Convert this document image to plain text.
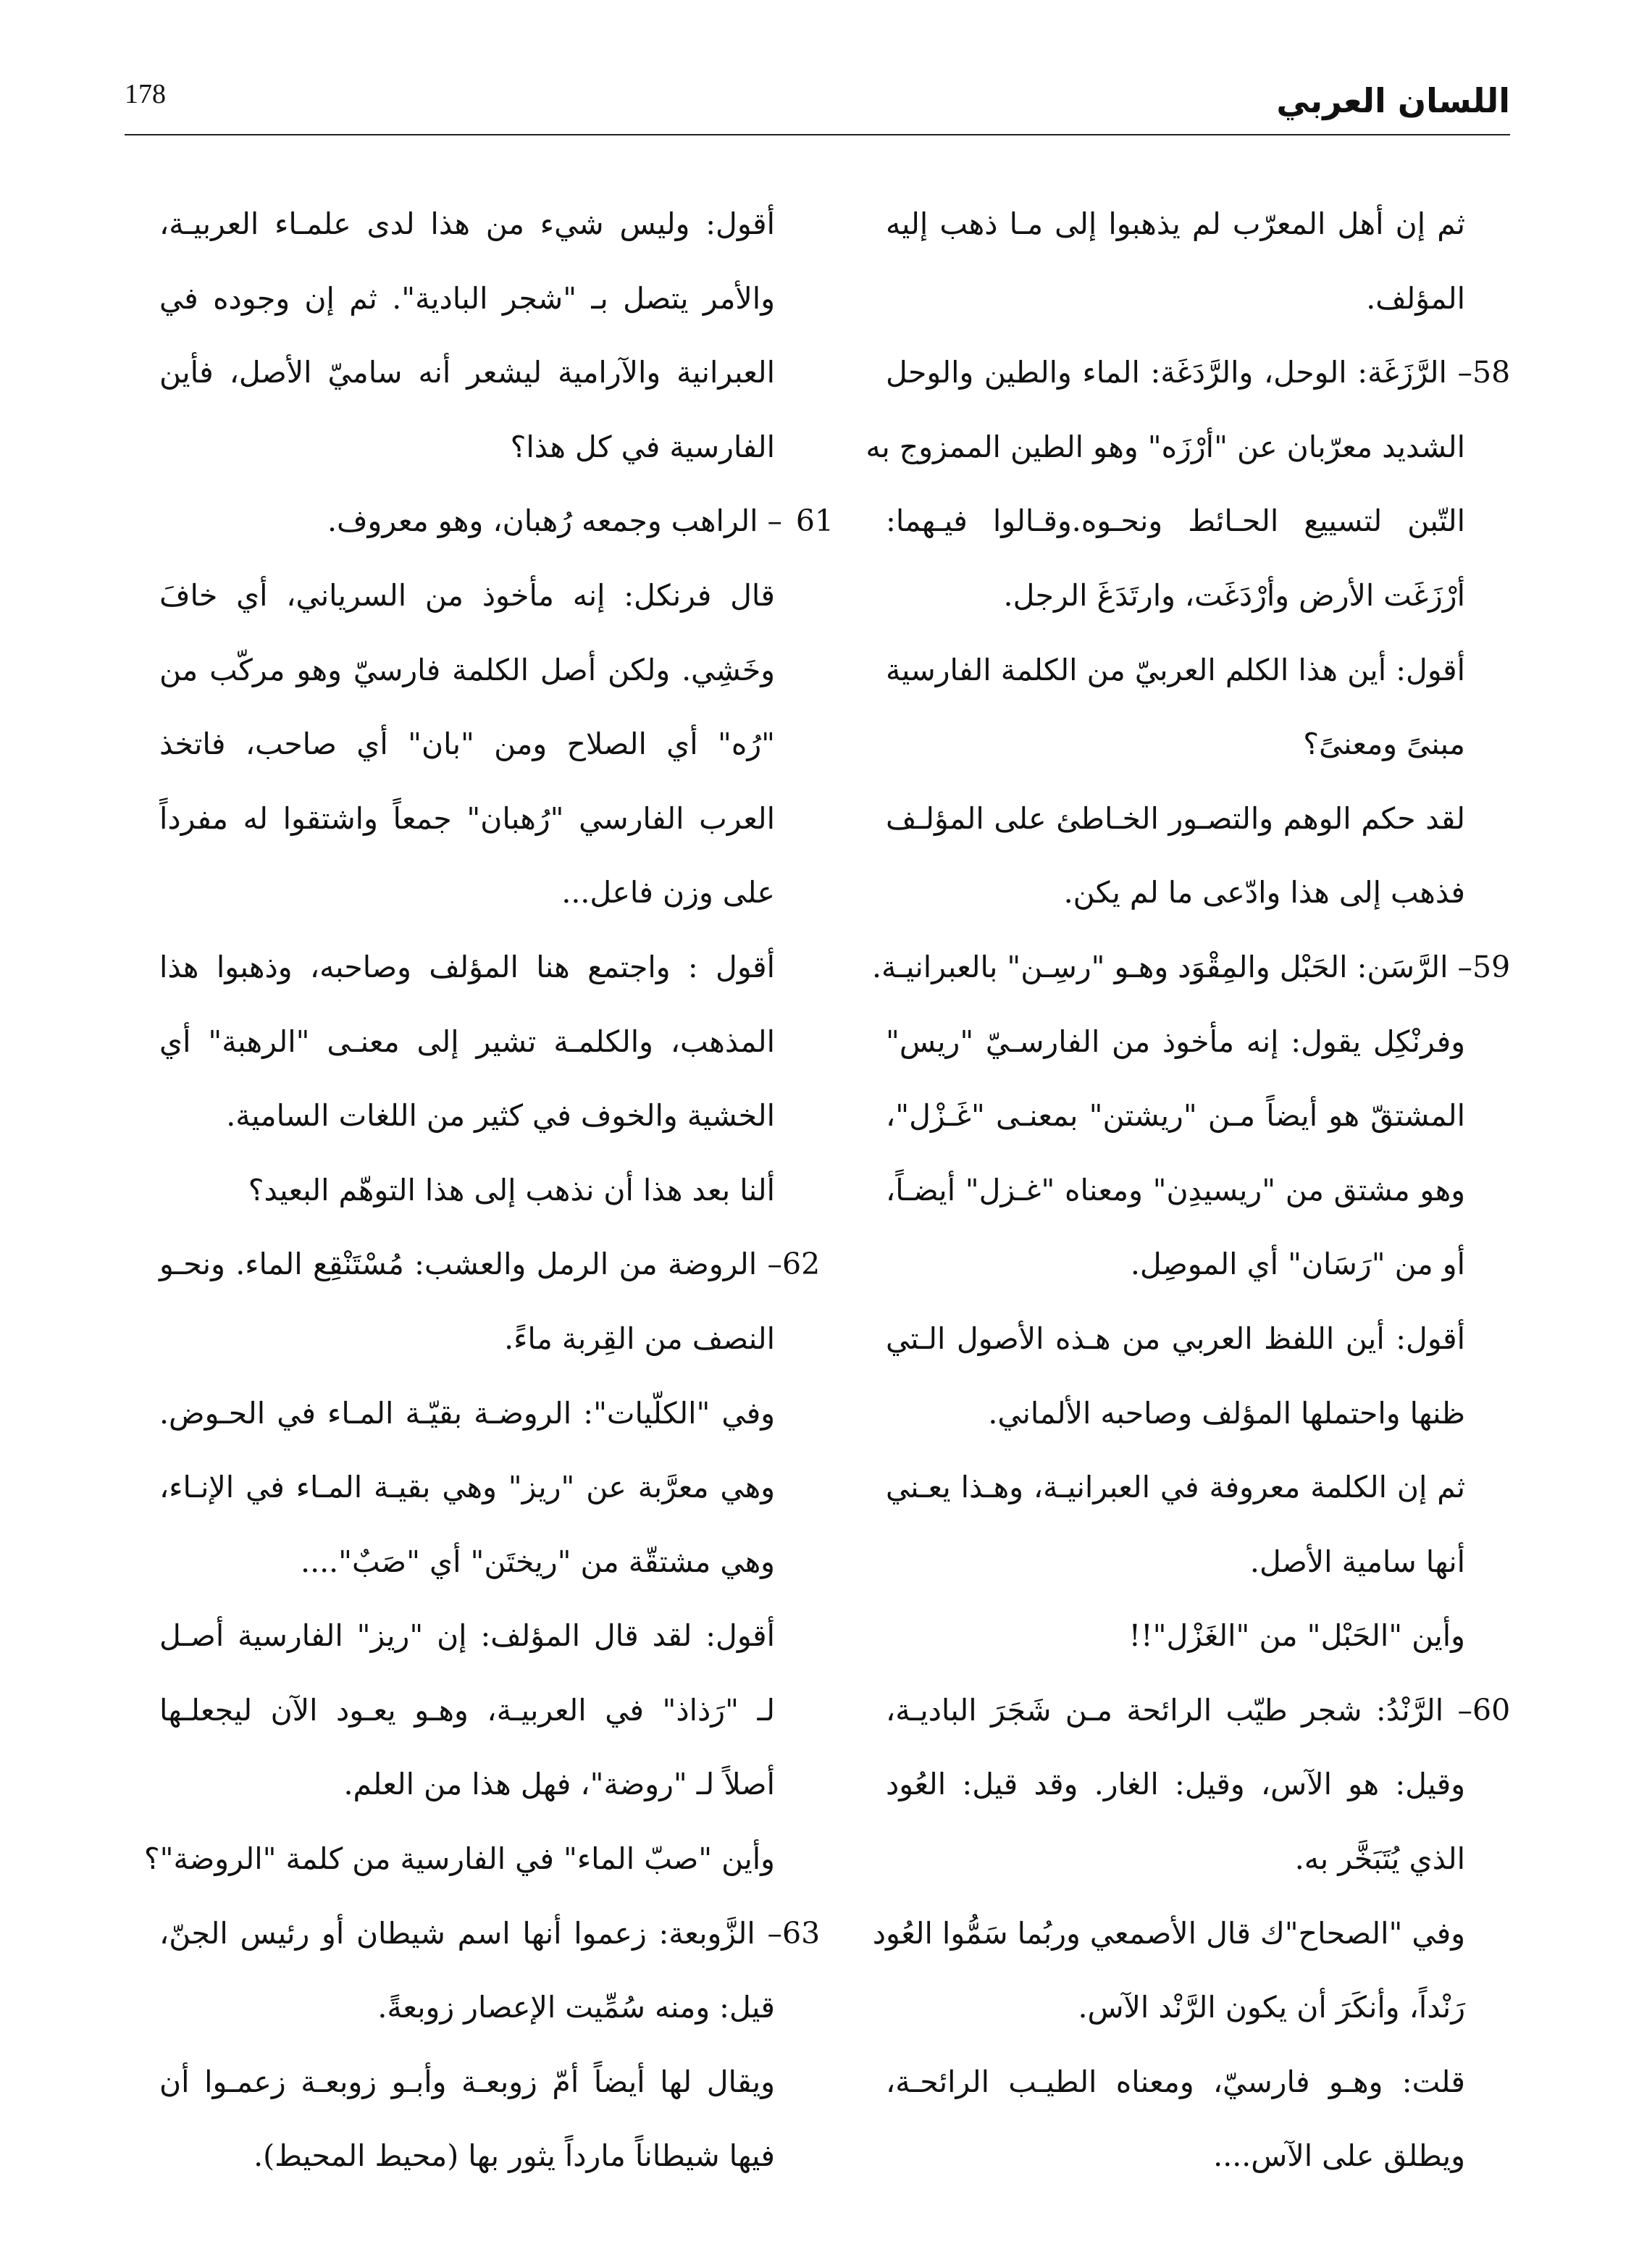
178	اللسان العربي
ثم إن أهل المعرّب لم يذهبوا إلى مـا ذهب إليه
المؤلف.
58– الرَّزَغَة: الوحل، والرَّدَغَة: الماء والطين والوحل
الشديد معرّبان عن "أرْزَه" وهو الطين الممزوج به
التّبن لتسييع الحـائط ونحـوه.وقـالوا فيـهما:
أرْزَغَت الأرض وأرْدَغَت، وارتَدَغَ الرجل.
أقول: أين هذا الكلم العربيّ من الكلمة الفارسية
مبنىً ومعنىً؟
لقد حكم الوهم والتصـور الخـاطئ على المؤلـف
فذهب إلى هذا وادّعى ما لم يكن.
59– الرَّسَن: الحَبْل والمِقْوَد وهـو "رسِـن" بالعبرانيـة.
وفرنْكِل يقول: إنه مأخوذ من الفارسـيّ "ريس"
المشتقّ هو أيضاً مـن "ريشتن" بمعنـى "غَـزْل"،
وهو مشتق من "ريسيدِن" ومعناه "غـزل" أيضـاً،
أو من "رَسَان" أي الموصِل.
أقول: أين اللفظ العربي من هـذه الأصول الـتي
ظنها واحتملها المؤلف وصاحبه الألماني.
ثم إن الكلمة معروفة في العبرانيـة، وهـذا يعـني
أنها سامية الأصل.
وأين "الحَبْل" من "الغَزْل"!!
60– الرَّنْدُ: شجر طيّب الرائحة مـن شَجَرَ الباديـة،
وقيل: هو الآس، وقيل: الغار. وقد قيل: العُود
الذي يُتَبَخَّر به.
وفي "الصحاح"ك قال الأصمعي وربُما سَمُّوا العُود
رَنْداً، وأنكَرَ أن يكون الرَّنْد الآس.
قلت: وهـو فارسيّ، ومعناه الطيـب الرائحـة،
ويطلق على الآس....
أقول: وليس شيء من هذا لدى علمـاء العربيـة،
والأمر يتصل بـ "شجر البادية". ثم إن وجوده في
العبرانية والآرامية ليشعر أنه ساميّ الأصل، فأين
الفارسية في كل هذا؟
61– الراهب وجمعه رُهبان، وهو معروف.
قال فرنكل: إنه مأخوذ من السرياني، أي خافَ
وخَشِي. ولكن أصل الكلمة فارسيّ وهو مركّب من
"رُه" أي الصلاح ومن "بان" أي صاحب، فاتخذ
العرب الفارسي "رُهبان" جمعاً واشتقوا له مفرداً
على وزن فاعل...
أقول : واجتمع هنا المؤلف وصاحبه، وذهبوا هذا
المذهب، والكلمـة تشير إلى معنـى "الرهبة" أي
الخشية والخوف في كثير من اللغات السامية.
ألنا بعد هذا أن نذهب إلى هذا التوهّم البعيد؟
62– الروضة من الرمل والعشب: مُسْتَنْقِع الماء. ونحـو
النصف من القِربة ماءً.
وفي "الكلّيات": الروضـة بقيّـة المـاء في الحـوض.
وهي معرَّبة عن "ريز" وهي بقيـة المـاء في الإنـاء،
وهي مشتقّة من "ريختَن" أي "صَبٌ"....
أقول: لقد قال المؤلف: إن "ريز" الفارسية أصـل
لـ "رَذاذ" في العربيـة، وهـو يعـود الآن ليجعلـها
أصلاً لـ "روضة"، فهل هذا من العلم.
وأين "صبّ الماء" في الفارسية من كلمة "الروضة"؟
63– الزَّوبعة: زعموا أنها اسم شيطان أو رئيس الجنّ،
قيل: ومنه سُمِّيت الإعصار زوبعةً.
ويقال لها أيضاً أمّ زوبعـة وأبـو زوبعـة زعمـوا أن
فيها شيطاناً مارداً يثور بها (محيط المحيط).
